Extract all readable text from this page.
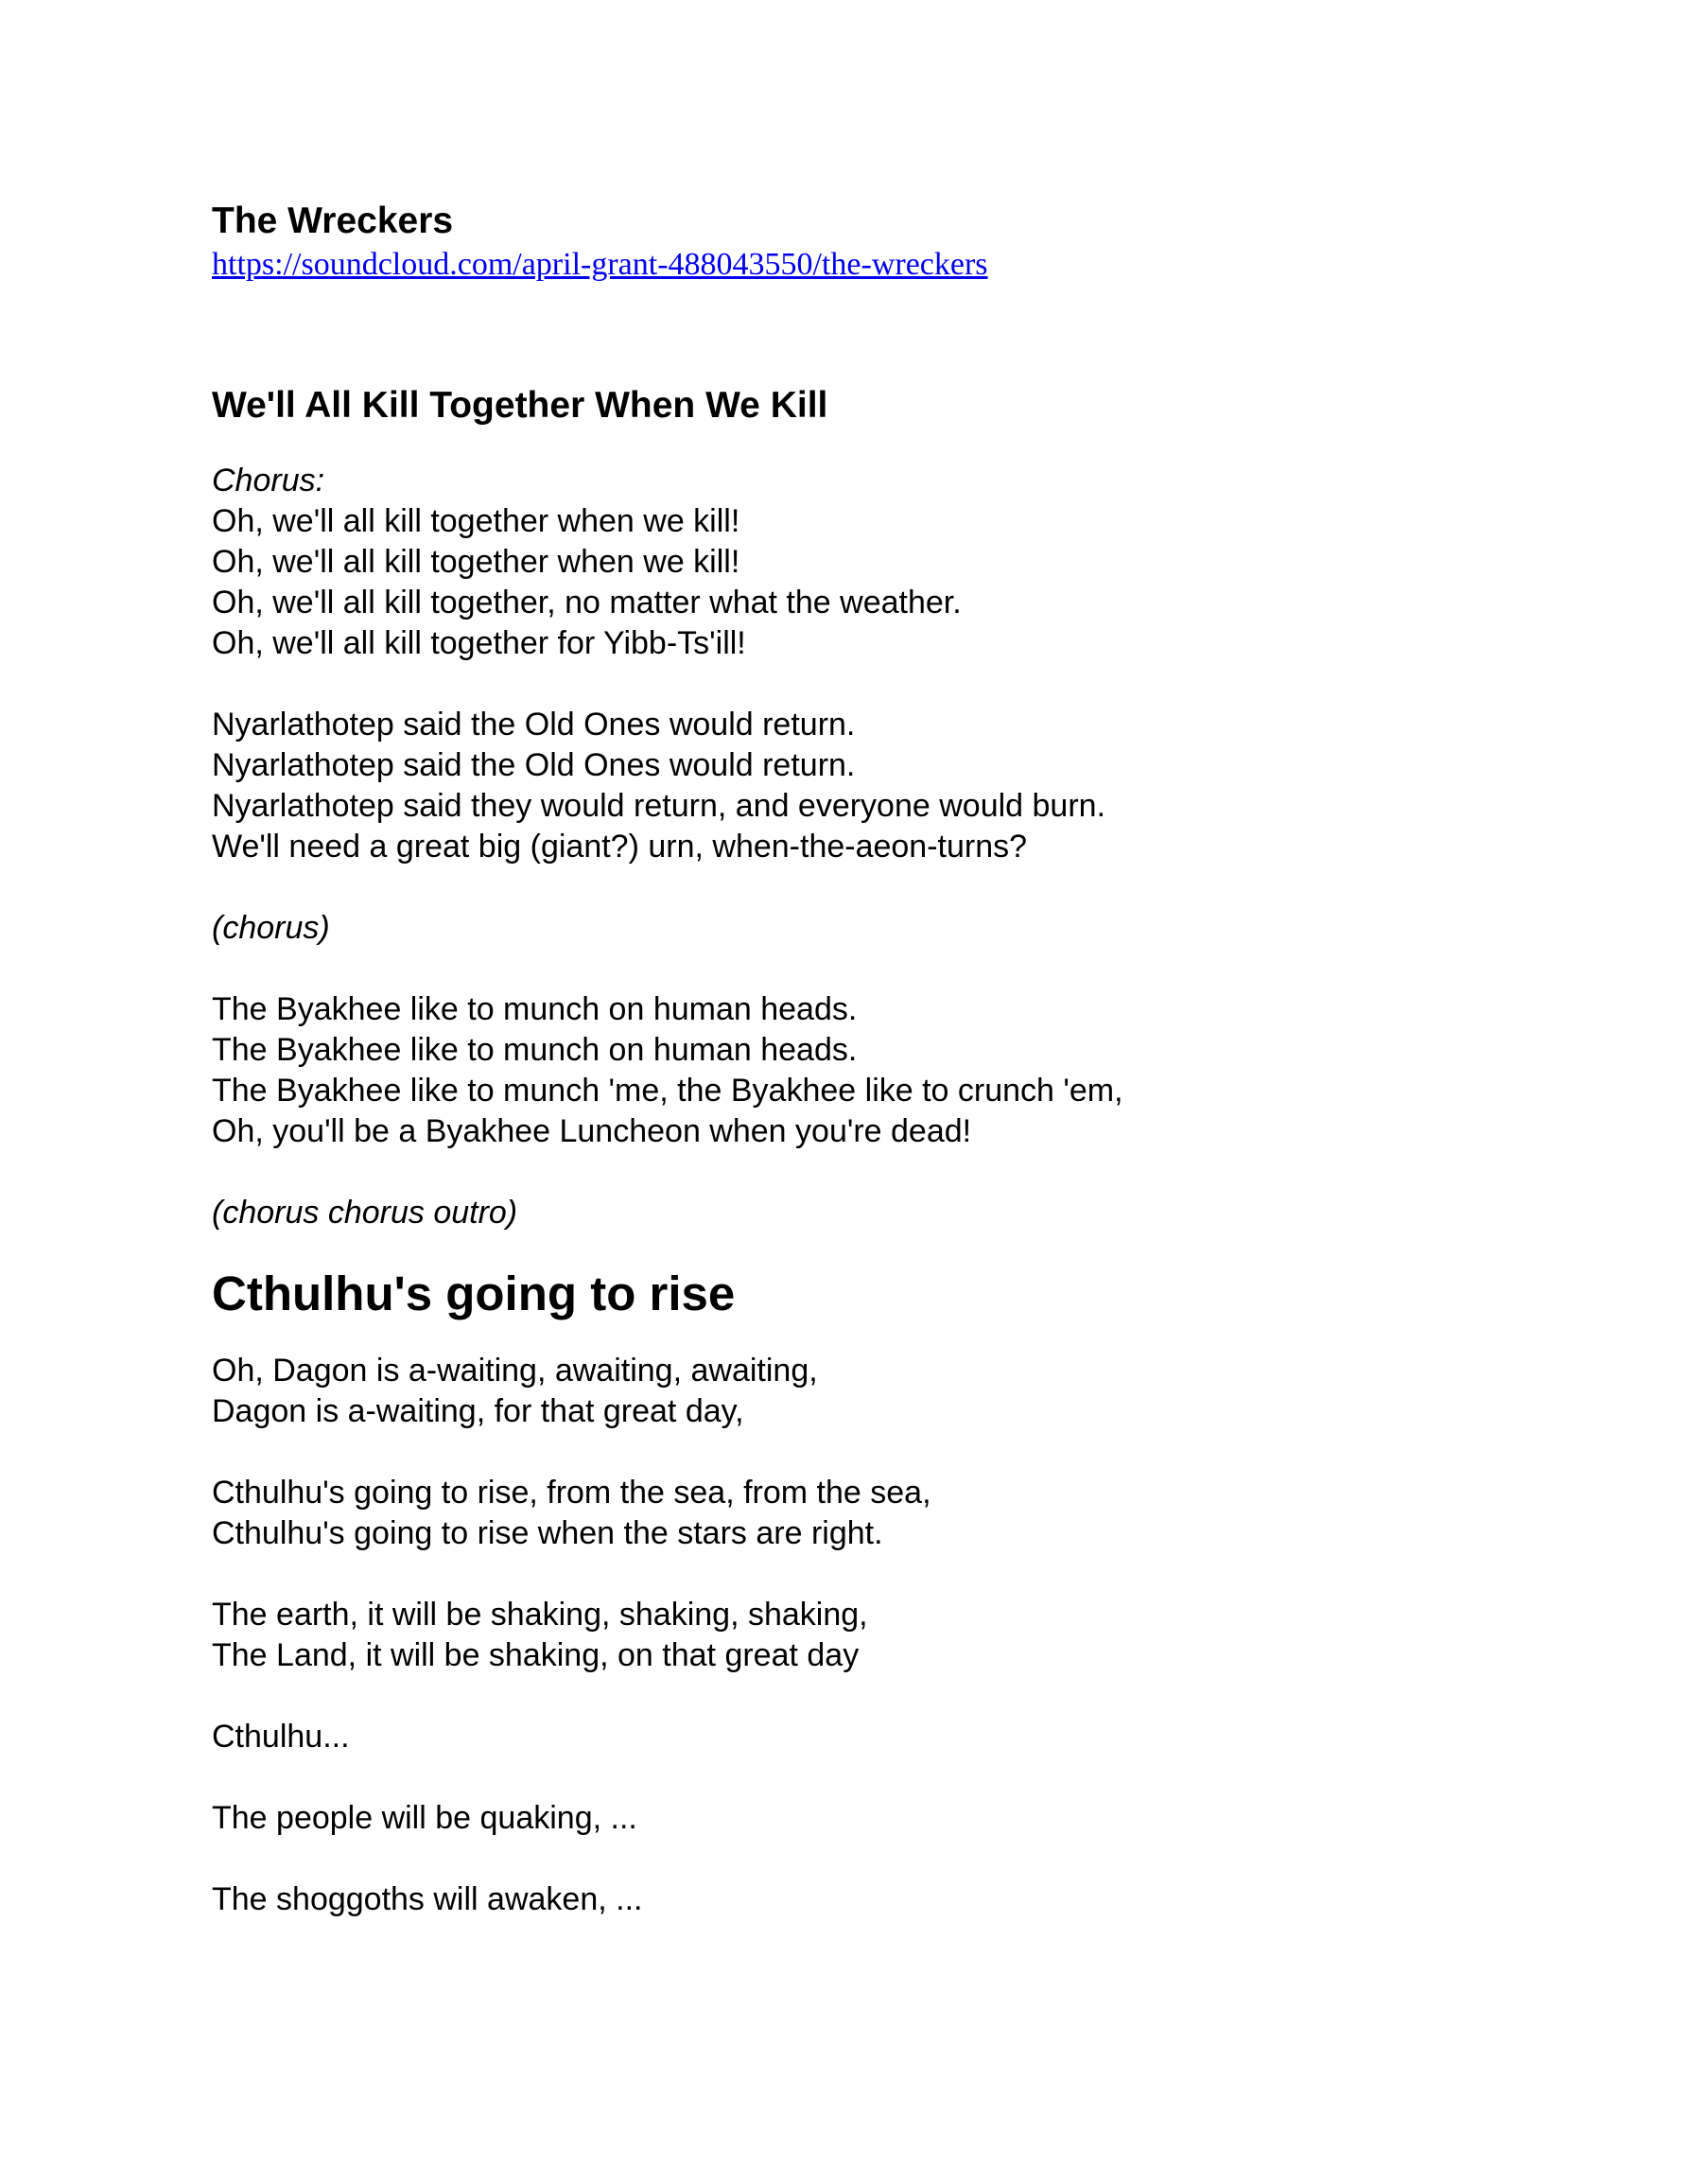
The Wreckers
https://soundcloud.com/april-grant-488043550/the-wreckers
We'll All Kill Together When We Kill

Chorus:

Oh, we'll all kill together when we kill!

Oh, we'll all kill together when we kill!

Oh, we'll all kill together, no matter what the weather.

Oh, we'll all kill together for Yibb-Ts'ill!

Nyarlathotep said the Old Ones would return.

Nyarlathotep said the Old Ones would return.

Nyarlathotep said they would return, and everyone would burn.

We'll need a great big (giant?) urn, when-the-aeon-turns?

(chorus)

The Byakhee like to munch on human heads.

The Byakhee like to munch on human heads.

The Byakhee like to munch 'me, the Byakhee like to crunch 'em,

Oh, you'll be a Byakhee Luncheon when you're dead!

(chorus chorus outro)

Cthulhu's going to rise

Oh, Dagon is a-waiting, awaiting, awaiting,

Dagon is a-waiting, for that great day,

Cthulhu's going to rise, from the sea, from the sea,

Cthulhu's going to rise when the stars are right.

The earth, it will be shaking, shaking, shaking,

The Land, it will be shaking, on that great day

Cthulhu...

The people will be quaking, ...

The shoggoths will awaken, ...
